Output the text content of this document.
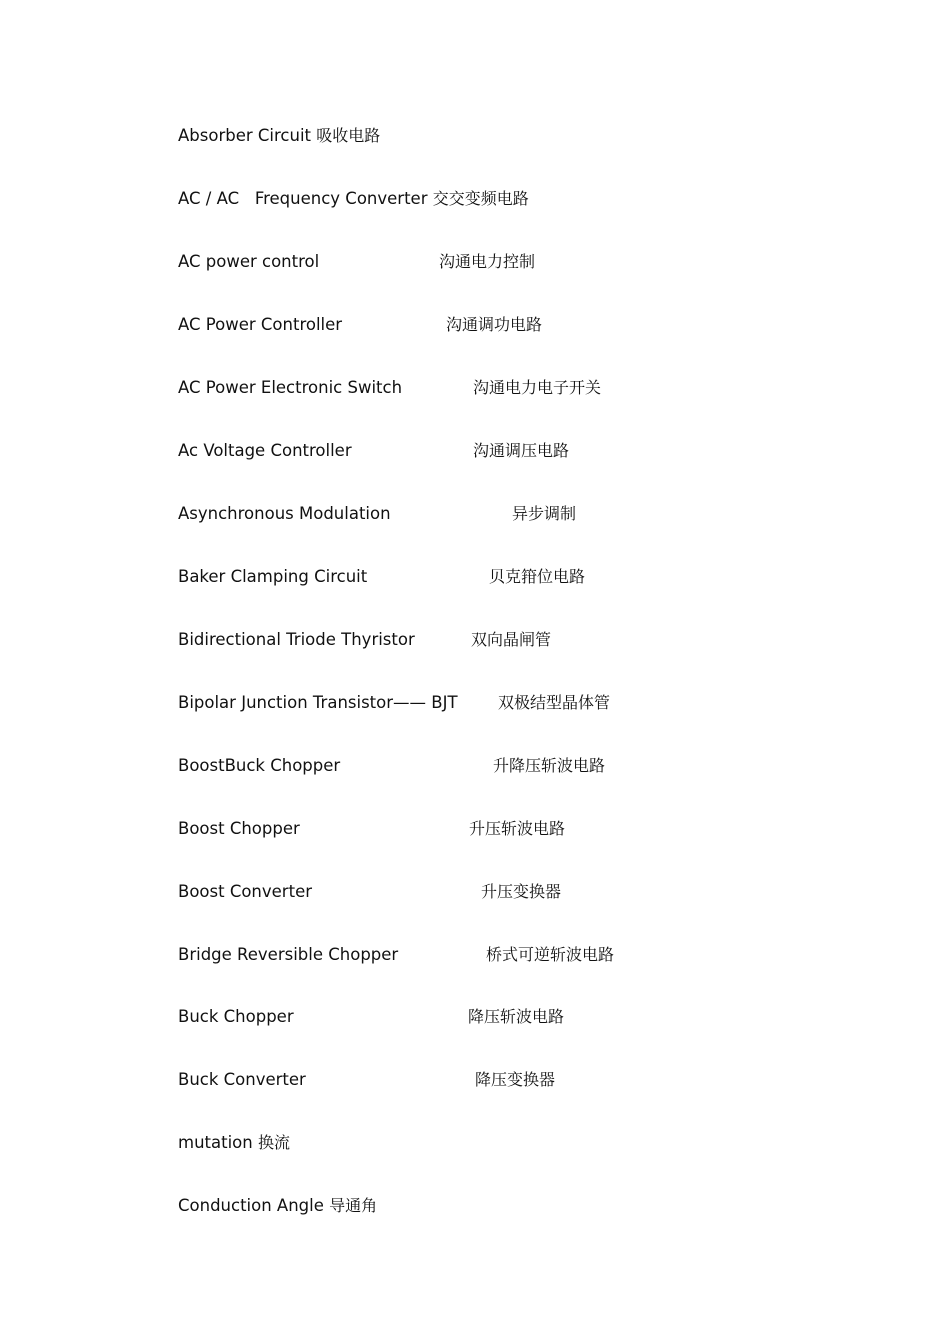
Absorber Circuit 吸收电路
AC / AC   Frequency Converter 交交变频电路
AC power control	沟通电力控制
AC Power Controller	沟通调功电路
AC Power Electronic Switch	沟通电力电子开关
Ac Voltage Controller	沟通调压电路
Asynchronous Modulation	异步调制
Baker Clamping Circuit	贝克箝位电路
Bidirectional Triode Thyristor	双向晶闸管
Bipolar Junction Transistor—— BJT	双极结型晶体管
BoostBuck Chopper	升降压斩波电路
Boost Chopper	升压斩波电路
Boost Converter	升压变换器
Bridge Reversible Chopper	桥式可逆斩波电路
Buck Chopper	降压斩波电路
Buck Converter	降压变换器
mutation 换流
Conduction Angle 导通角
